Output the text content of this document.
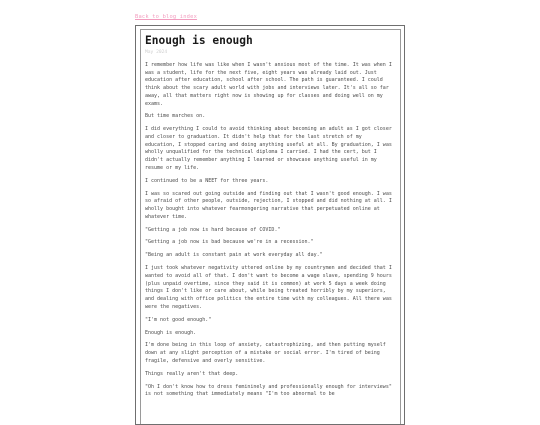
Back to blog index
Enough is enough
May 2024

I remember how life was like when I wasn't anxious most of the time. It was when I was a student, life for the next five, eight years was already laid out. Just education after education, school after school. The path is guaranteed. I could think about the scary adult world with jobs and interviews later. It's all so far away, all that matters right now is showing up for classes and doing well on my exams.

But time marches on.

I did everything I could to avoid thinking about becoming an adult as I got closer and closer to graduation. It didn't help that for the last stretch of my education, I stopped caring and doing anything useful at all. By graduation, I was wholly unqualified for the technical diploma I carried. I had the cert, but I didn't actually remember anything I learned or showcase anything useful in my resume or my life.

I continued to be a NEET for three years.

I was so scared out going outside and finding out that I wasn't good enough. I was so afraid of other people, outside, rejection, I stopped and did nothing at all. I wholly bought into whatever fearmongering narrative that perpetuated online at whatever time.

"Getting a job now is hard because of COVID."

"Getting a job now is bad because we're in a recession."

"Being an adult is constant pain at work everyday all day."

I just took whatever negativity uttered online by my countrymen and decided that I wanted to avoid all of that. I don't want to become a wage slave, spending 9 hours (plus unpaid overtime, since they said it is common) at work 5 days a week doing things I don't like or care about, while being treated horribly by my superiors, and dealing with office politics the entire time with my colleagues. All there was were the negatives.

"I'm not good enough."

Enough is enough.

I'm done being in this loop of anxiety, catastrophizing, and then putting myself down at any slight perception of a mistake or social error. I'm tired of being fragile, defensive and overly sensitive.

Things really aren't that deep.

"Oh I don't know how to dress femininely and professionally enough for interviews" is not something that immediately means "I'm too abnormal to be
